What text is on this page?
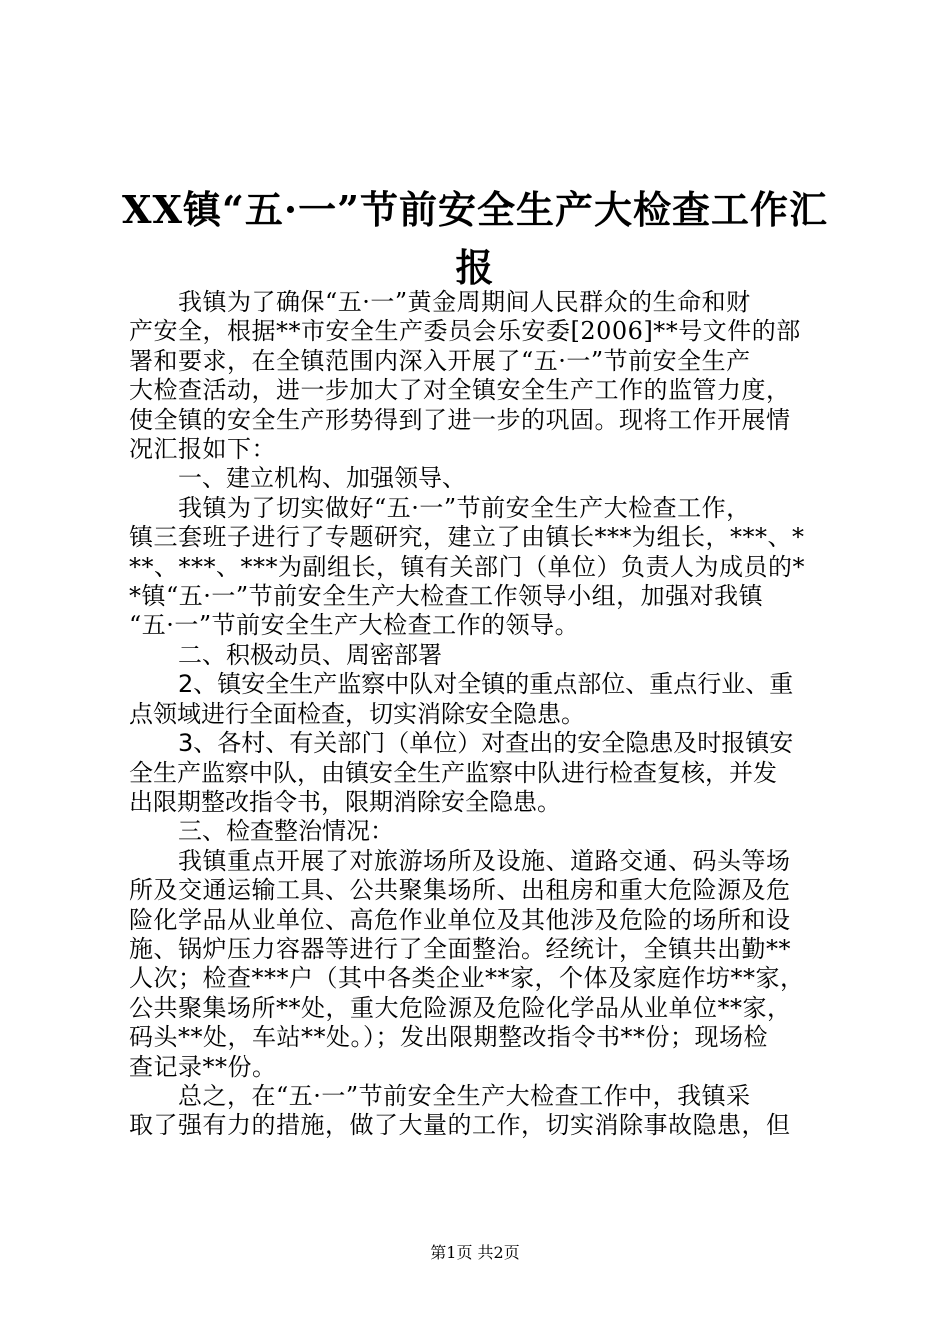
XX镇“五·一”节前安全生产大检查工作汇
报

我镇为了确保“五·一”黄金周期间人民群众的生命和财
产安全，根据**市安全生产委员会乐安委[2006]**号文件的部
署和要求，在全镇范围内深入开展了“五·一”节前安全生产
大检查活动，进一步加大了对全镇安全生产工作的监管力度，
使全镇的安全生产形势得到了进一步的巩固。现将工作开展情
况汇报如下：

一、建立机构、加强领导、

我镇为了切实做好“五·一”节前安全生产大检查工作，
镇三套班子进行了专题研究，建立了由镇长***为组长，***、*
**、***、***为副组长，镇有关部门（单位）负责人为成员的*
*镇“五·一”节前安全生产大检查工作领导小组，加强对我镇
“五·一”节前安全生产大检查工作的领导。

二、积极动员、周密部署

2、镇安全生产监察中队对全镇的重点部位、重点行业、重
点领域进行全面检查，切实消除安全隐患。

3、各村、有关部门（单位）对查出的安全隐患及时报镇安
全生产监察中队，由镇安全生产监察中队进行检查复核，并发
出限期整改指令书，限期消除安全隐患。

三、检查整治情况：

我镇重点开展了对旅游场所及设施、道路交通、码头等场
所及交通运输工具、公共聚集场所、出租房和重大危险源及危
险化学品从业单位、高危作业单位及其他涉及危险的场所和设
施、锅炉压力容器等进行了全面整治。经统计，全镇共出勤**
人次；检查***户（其中各类企业**家，个体及家庭作坊**家，
公共聚集场所**处，重大危险源及危险化学品从业单位**家，
码头**处，车站**处。）；发出限期整改指令书**份；现场检
查记录**份。

总之，在“五·一”节前安全生产大检查工作中，我镇采
取了强有力的措施，做了大量的工作，切实消除事故隐患，但

第1页 共2页
